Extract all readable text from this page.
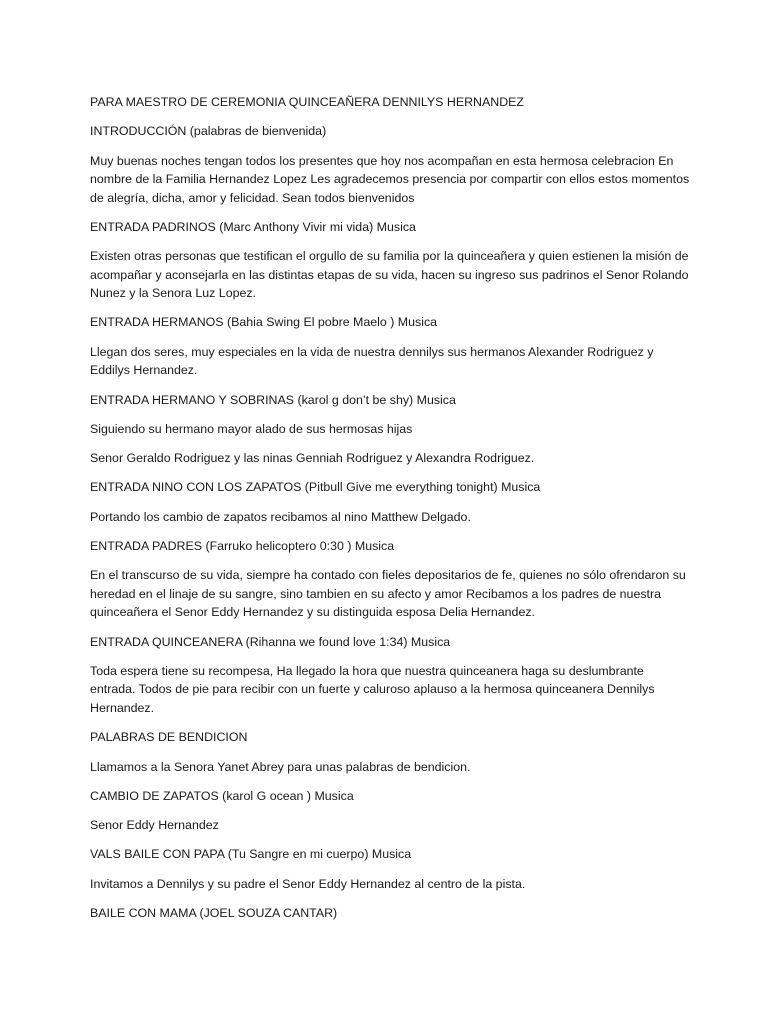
PARA MAESTRO DE CEREMONIA QUINCEAÑERA DENNILYS HERNANDEZ

INTRODUCCIÓN (palabras de bienvenida)

Muy buenas noches tengan todos los presentes que hoy nos acompañan en esta hermosa celebracion En nombre de la Familia Hernandez Lopez Les agradecemos presencia por compartir con ellos estos momentos de alegría, dicha, amor y felicidad. Sean todos bienvenidos

ENTRADA PADRINOS (Marc Anthony Vivir mi vida) Musica

Existen otras personas que testifican el orgullo de su familia por la quinceañera y quien estienen la misión de acompañar y aconsejarla en las distintas etapas de su vida, hacen su ingreso sus padrinos el Senor Rolando Nunez y la Senora Luz Lopez.

ENTRADA HERMANOS (Bahia Swing El pobre Maelo ) Musica

Llegan dos seres, muy especiales en la vida de nuestra dennilys sus hermanos Alexander Rodriguez y Eddilys Hernandez.

ENTRADA HERMANO Y SOBRINAS (karol g don’t be shy) Musica

Siguiendo su hermano mayor alado de sus hermosas hijas

Senor Geraldo Rodriguez y las ninas Genniah Rodriguez y Alexandra Rodriguez.

ENTRADA NINO CON LOS ZAPATOS (Pitbull Give me everything tonight) Musica

Portando los cambio de zapatos recibamos al nino Matthew Delgado.

ENTRADA PADRES (Farruko helicoptero 0:30 ) Musica

En el transcurso de su vida, siempre ha contado con fieles depositarios de fe, quienes no sólo ofrendaron su heredad en el linaje de su sangre, sino tambien en su afecto y amor Recibamos a los padres de nuestra quinceañera el Senor Eddy Hernandez y su distinguida esposa Delia Hernandez.

ENTRADA QUINCEANERA (Rihanna we found love 1:34) Musica

Toda espera tiene su recompesa, Ha llegado la hora que nuestra quinceanera haga su deslumbrante entrada. Todos de pie para recibir con un fuerte y caluroso aplauso a la hermosa quinceanera Dennilys Hernandez.

PALABRAS DE BENDICION

Llamamos a la Senora Yanet Abrey para unas palabras de bendicion.

CAMBIO DE ZAPATOS (karol G ocean ) Musica

Senor Eddy Hernandez

VALS BAILE CON PAPA (Tu Sangre en mi cuerpo) Musica

Invitamos a Dennilys y su padre el Senor Eddy Hernandez al centro de la pista.

BAILE CON MAMA (JOEL SOUZA CANTAR)
